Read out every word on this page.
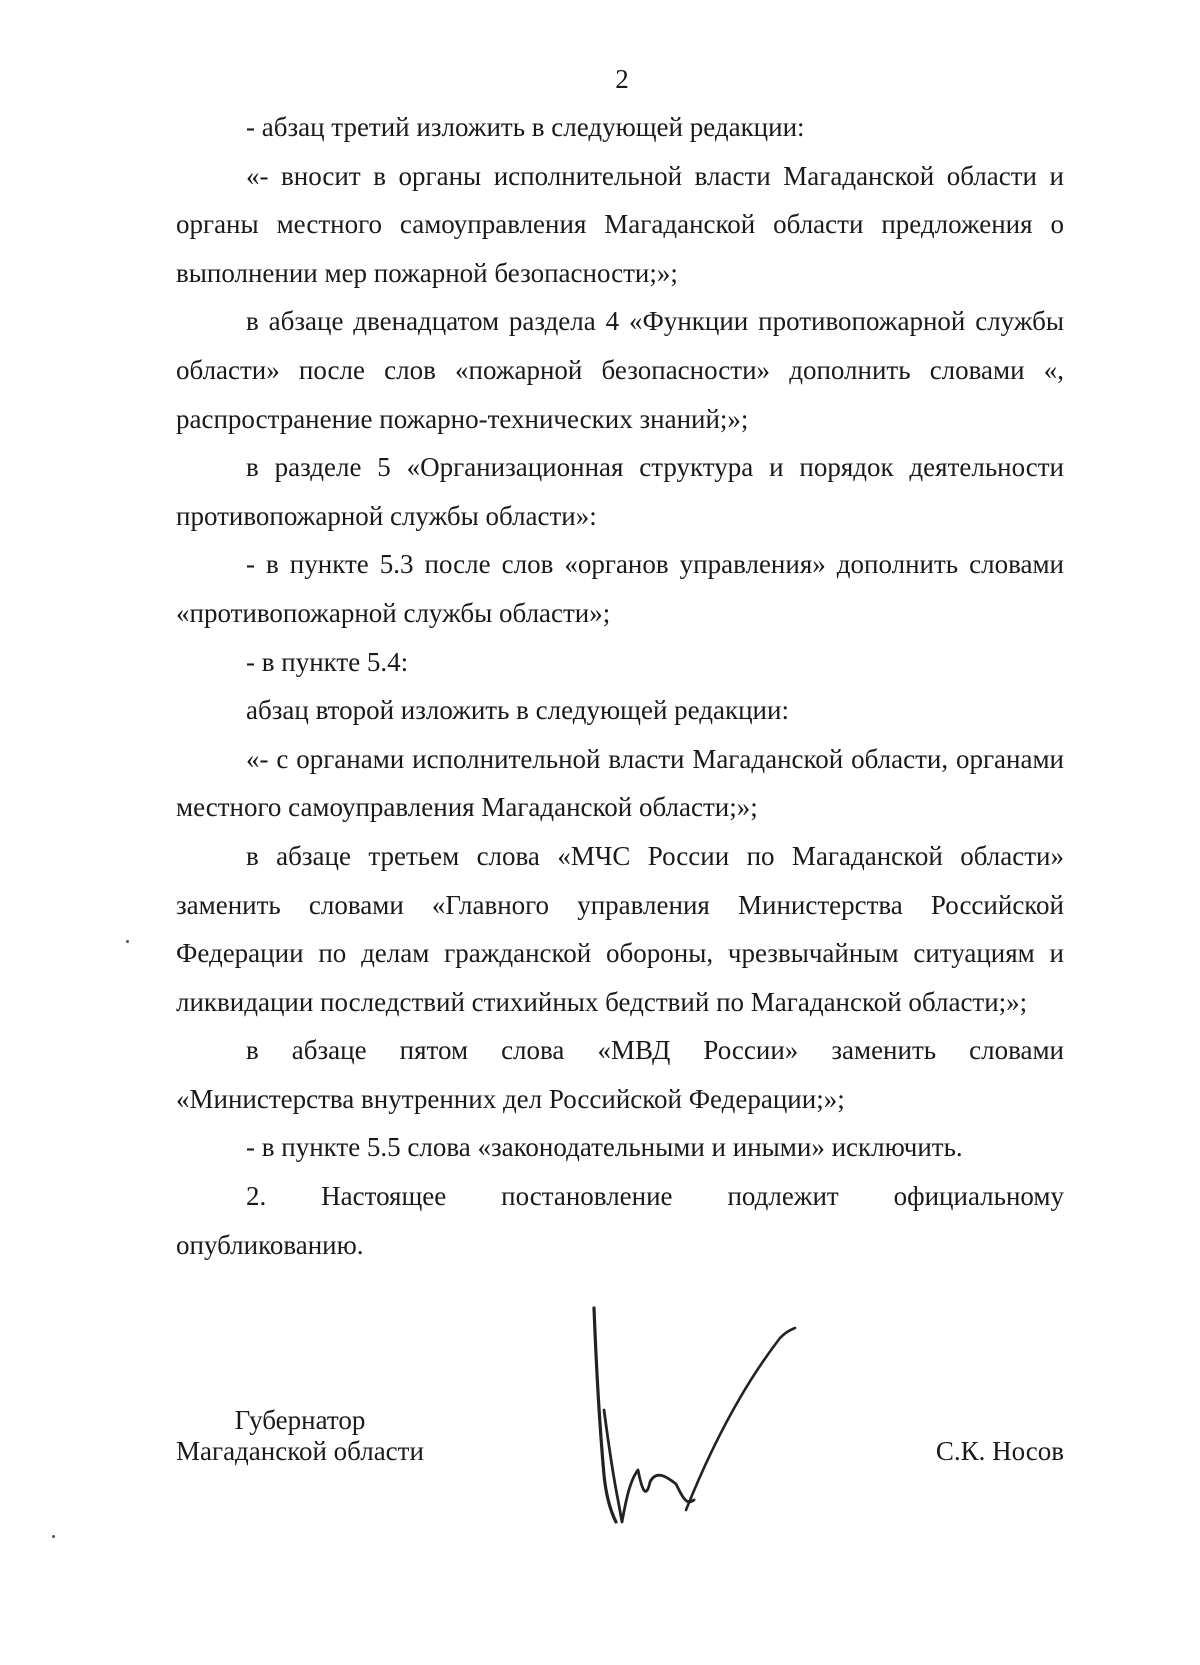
2

- абзац третий изложить в следующей редакции:

«- вносит в органы исполнительной власти Магаданской области и органы местного самоуправления Магаданской области предложения о выполнении мер пожарной безопасности;»;

в абзаце двенадцатом раздела 4 «Функции противопожарной службы области» после слов «пожарной безопасности» дополнить словами «, распространение пожарно-технических знаний;»;

в разделе 5 «Организационная структура и порядок деятельности противопожарной службы области»:

- в пункте 5.3 после слов «органов управления» дополнить словами «противопожарной службы области»;

- в пункте 5.4:

абзац второй изложить в следующей редакции:

«- с органами исполнительной власти Магаданской области, органами местного самоуправления Магаданской области;»;

в абзаце третьем слова «МЧС России по Магаданской области» заменить словами «Главного управления Министерства Российской Федерации по делам гражданской обороны, чрезвычайным ситуациям и ликвидации последствий стихийных бедствий по Магаданской области;»;

в абзаце пятом слова «МВД России» заменить словами «Министерства внутренних дел Российской Федерации;»;

- в пункте 5.5 слова «законодательными и иными» исключить.

2. Настоящее постановление подлежит официальному опубликованию.

Губернатор
Магаданской области	С.К. Носов
